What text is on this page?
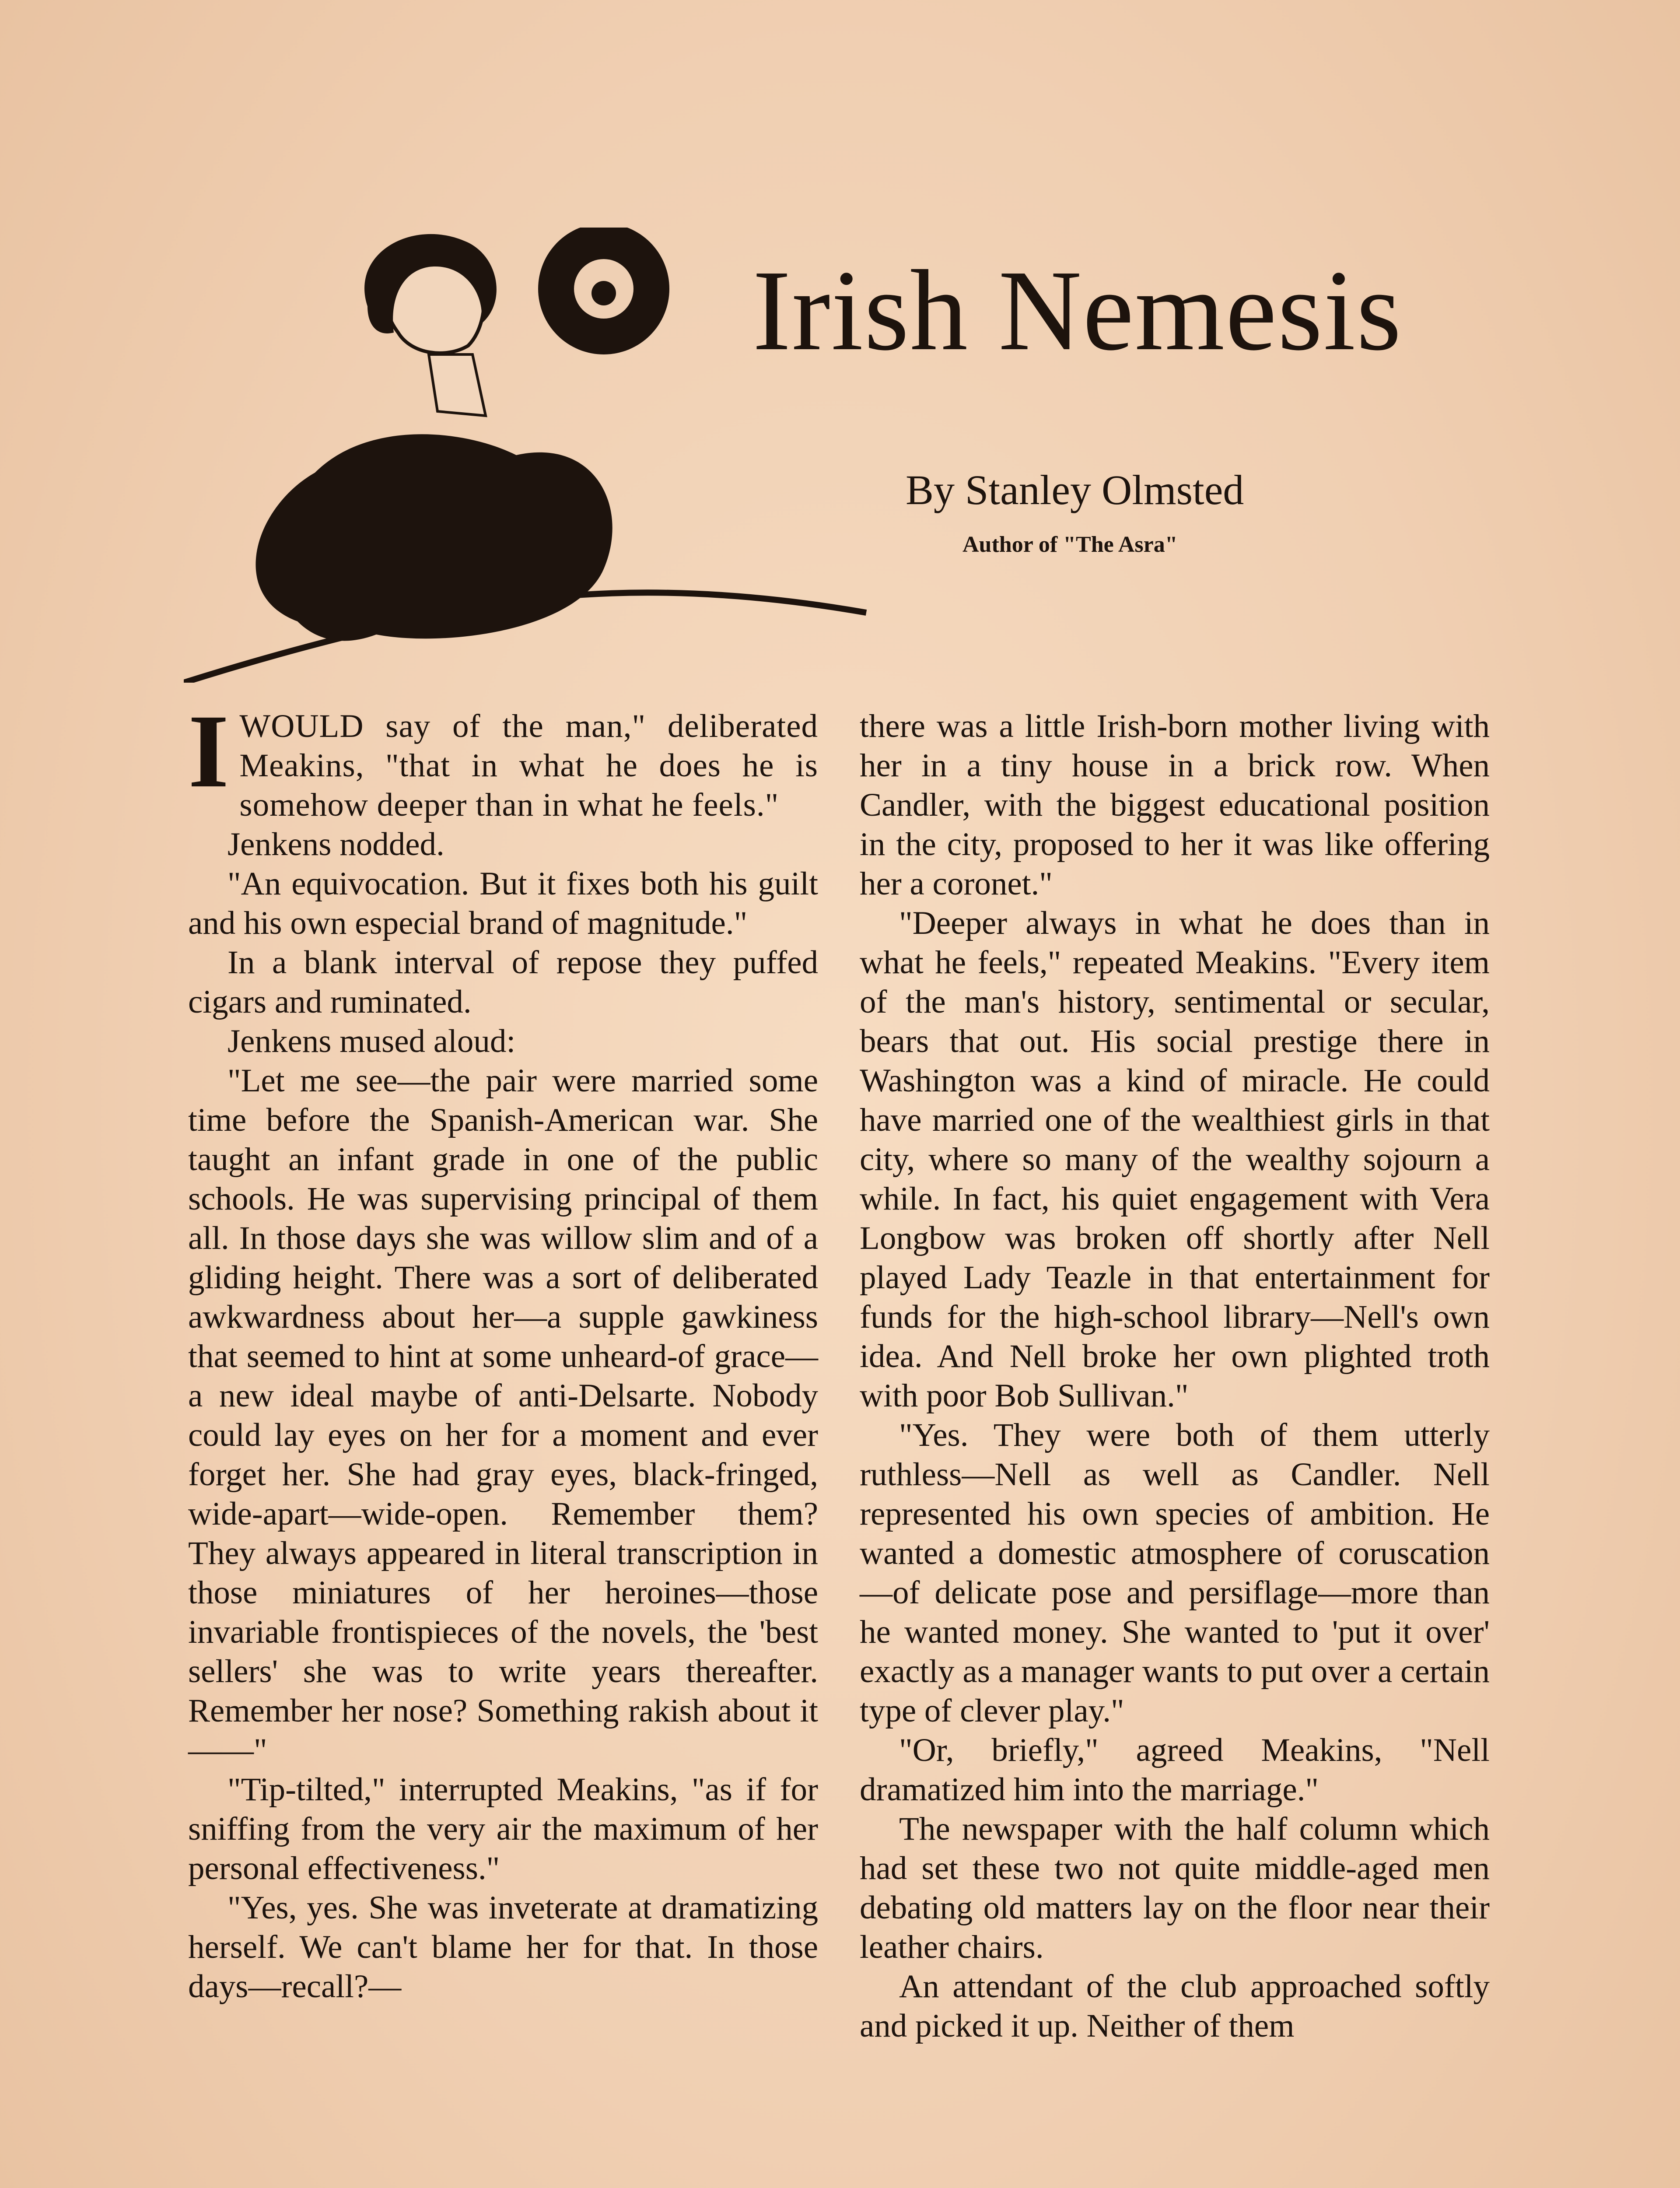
Irish Nemesis
By Stanley Olmsted
Author of "The Asra"

IWOULD say of the man," deliberated Meakins, "that in what he does he is somehow deeper than in what he feels."

Jenkens nodded.

"An equivocation. But it fixes both his guilt and his own especial brand of magnitude."

In a blank interval of repose they puffed cigars and ruminated.

Jenkens mused aloud:

"Let me see—the pair were married some time before the Spanish-American war. She taught an infant grade in one of the public schools. He was supervising principal of them all. In those days she was willow slim and of a gliding height. There was a sort of deliberated awkwardness about her—a supple gawkiness that seemed to hint at some unheard-of grace—a new ideal maybe of anti-Delsarte. Nobody could lay eyes on her for a moment and ever forget her. She had gray eyes, black-fringed, wide-apart—wide-open. Remember them? They always appeared in literal transcription in those miniatures of her heroines—those invariable frontispieces of the novels, the 'best sellers' she was to write years thereafter. Remember her nose? Something rakish about it——"

"Tip-tilted," interrupted Meakins, "as if for sniffing from the very air the maximum of her personal effectiveness."

"Yes, yes. She was inveterate at dramatizing herself. We can't blame her for that. In those days—recall?—

there was a little Irish-born mother living with her in a tiny house in a brick row. When Candler, with the biggest educational position in the city, proposed to her it was like offering her a coronet."

"Deeper always in what he does than in what he feels," repeated Meakins. "Every item of the man's history, sentimental or secular, bears that out. His social prestige there in Washington was a kind of miracle. He could have married one of the wealthiest girls in that city, where so many of the wealthy sojourn a while. In fact, his quiet engagement with Vera Longbow was broken off shortly after Nell played Lady Teazle in that entertainment for funds for the high-school library—Nell's own idea. And Nell broke her own plighted troth with poor Bob Sullivan."

"Yes. They were both of them utterly ruthless—Nell as well as Candler. Nell represented his own species of ambition. He wanted a domestic atmosphere of coruscation—of delicate pose and persiflage—more than he wanted money. She wanted to 'put it over' exactly as a manager wants to put over a certain type of clever play."

"Or, briefly," agreed Meakins, "Nell dramatized him into the marriage."

The newspaper with the half column which had set these two not quite middle-aged men debating old matters lay on the floor near their leather chairs.

An attendant of the club approached softly and picked it up. Neither of them
